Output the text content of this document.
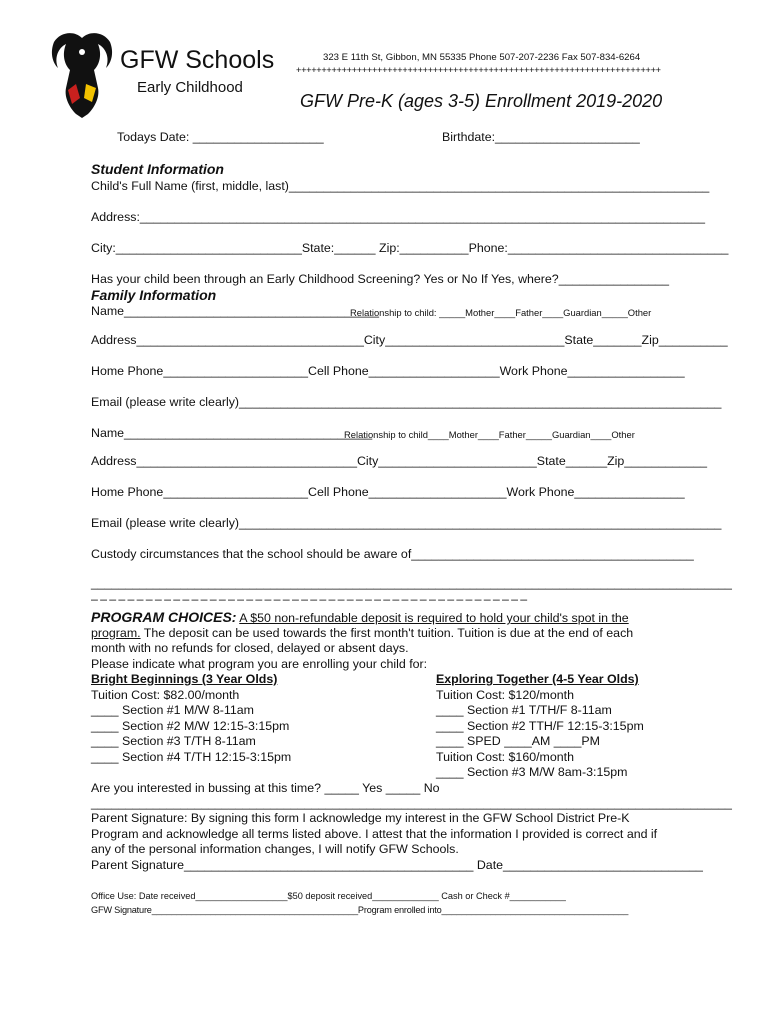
GFW Schools
Early Childhood
323 E 11th St, Gibbon, MN 55335 Phone 507-207-2236 Fax 507-834-6264
++++++++++++++++++++++++++++++++++++++++++++++++++++++++++++++++++++++++
GFW Pre-K (ages 3-5) Enrollment 2019-2020
Todays Date: ___________________	Birthdate:_____________________
Student Information
Child's Full Name (first, middle, last)_____________________________________________________________
Address:__________________________________________________________________________________
City:___________________________State:______ Zip:__________Phone:________________________________
Has your child been through an Early Childhood Screening? Yes or No If Yes, where?________________
Family Information
Name_____________________________________
Relationship to child: _____Mother____Father____Guardian_____Other
Address_________________________________City__________________________State_______Zip__________
Home Phone_____________________Cell Phone___________________Work Phone_________________
Email (please write clearly)______________________________________________________________________
Name____________________________________
Relationship to child____Mother____Father_____Guardian____Other
Address________________________________City_______________________State______Zip____________
Home Phone_____________________Cell Phone____________________Work Phone________________
Email (please write clearly)______________________________________________________________________
Custody circumstances that the school should be aware of_________________________________________
_____________________________________________________________________________________________
– – – – – – – – – – – – – – – – – – – – – – – – – – – – – – – – – – – – – – – – – – – – – – – –
PROGRAM CHOICES: A $50 non-refundable deposit is required to hold your child's spot in the
program. The deposit can be used towards the first month't tuition. Tuition is due at the end of each
month with no refunds for closed, delayed or absent days.
Please indicate what program you are enrolling your child for:
Bright Beginnings (3 Year Olds)
Tuition Cost: $82.00/month
____ Section #1 M/W 8-11am
____ Section #2 M/W 12:15-3:15pm
____ Section #3 T/TH 8-11am
____ Section #4 T/TH 12:15-3:15pm
Exploring Together (4-5 Year Olds)
Tuition Cost: $120/month
____ Section #1 T/TH/F 8-11am
____ Section #2 TTH/F 12:15-3:15pm
____ SPED ____AM ____PM
Tuition Cost: $160/month
____ Section #3 M/W 8am-3:15pm
Are you interested in bussing at this time? _____ Yes _____ No
_____________________________________________________________________________________________
Parent Signature: By signing this form I acknowledge my interest in the GFW School District Pre-K
Program and acknowledge all terms listed above. I attest that the information I provided is correct and if
any of the personal information changes, I will notify GFW Schools.
Parent Signature__________________________________________ Date_____________________________
Office Use: Date received__________________$50 deposit received_____________ Cash or Check #___________
GFW Signature__________________________________________Program enrolled into______________________________________
